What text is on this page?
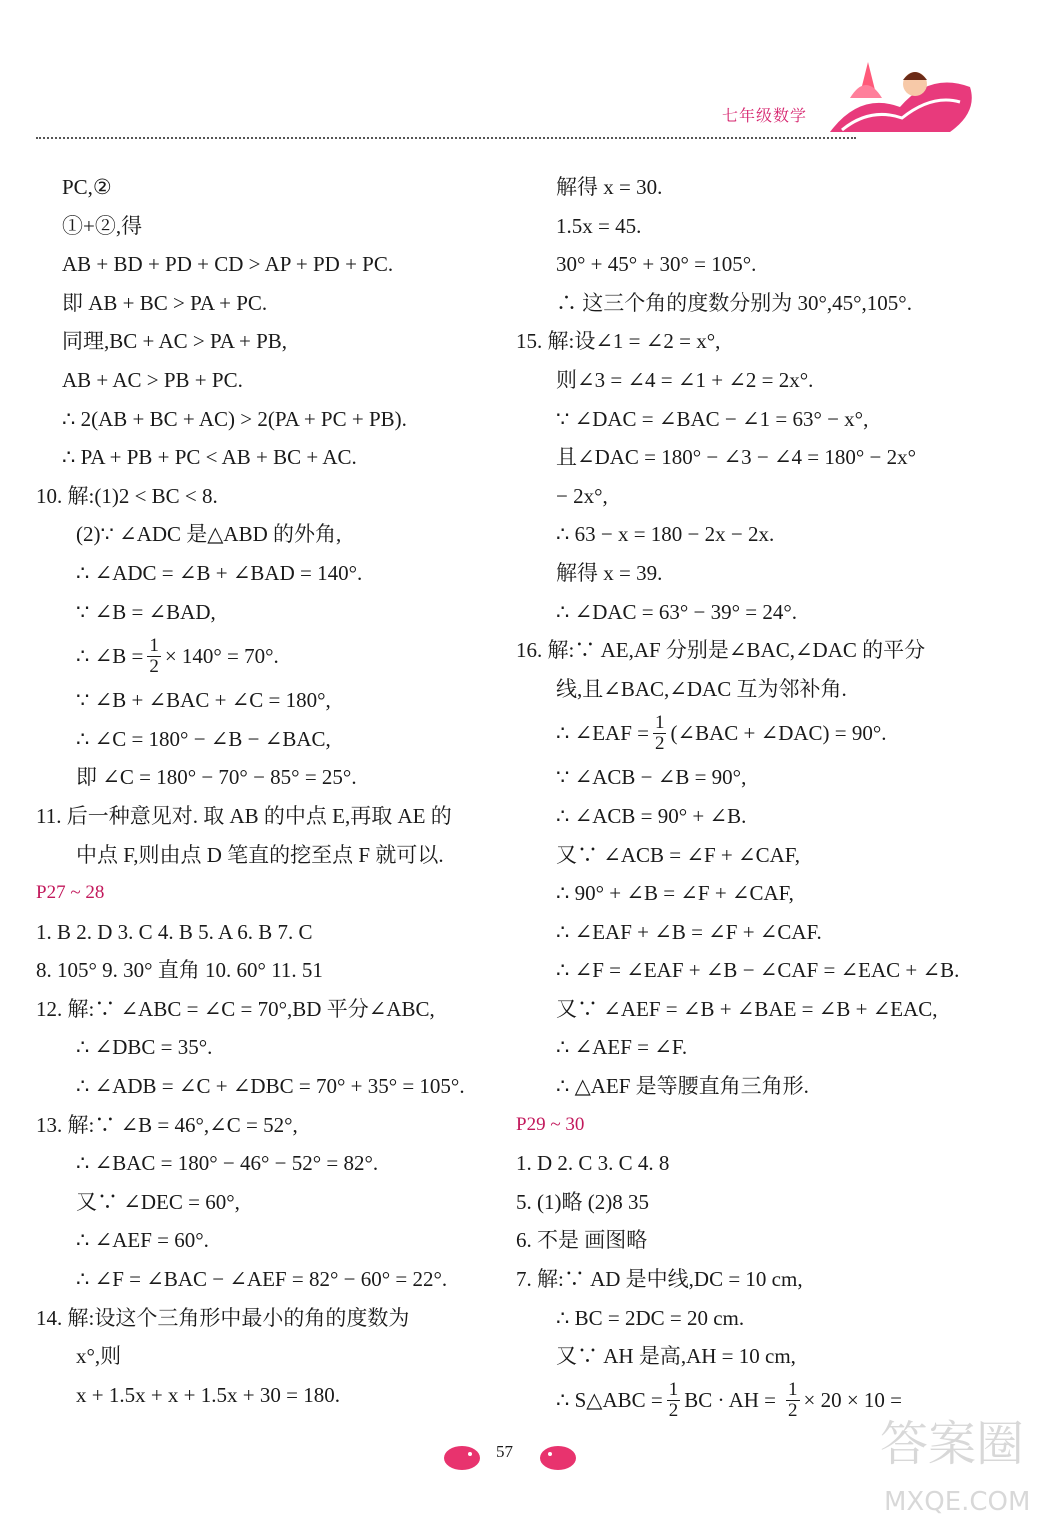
七年级数学
PC,②
①+②,得
AB + BD + PD + CD > AP + PD + PC.
即 AB + BC > PA + PC.
同理,BC + AC > PA + PB,
AB + AC > PB + PC.
∴ 2(AB + BC + AC) > 2(PA + PC + PB).
∴ PA + PB + PC < AB + BC + AC.
10. 解:(1)2 < BC < 8.
(2)∵ ∠ADC 是△ABD 的外角,
∴ ∠ADC = ∠B + ∠BAD = 140°.
∵ ∠B = ∠BAD,
∴ ∠B = $\frac{1}{2} \times 140^\circ = 70^\circ$.
∵ ∠B + ∠BAC + ∠C = 180°,
∴ ∠C = 180° − ∠B − ∠BAC,
即 ∠C = 180° − 70° − 85° = 25°.
11. 后一种意见对. 取 AB 的中点 E,再取 AE 的
中点 F,则由点 D 笔直的挖至点 F 就可以.
P27 ~ 28
1. B 2. D 3. C 4. B 5. A 6. B 7. C
8. 105° 9. 30° 直角 10. 60° 11. 51
12. 解:∵ ∠ABC = ∠C = 70°,BD 平分∠ABC,
∴ ∠DBC = 35°.
∴ ∠ADB = ∠C + ∠DBC = 70° + 35° = 105°.
13. 解:∵ ∠B = 46°,∠C = 52°,
∴ ∠BAC = 180° − 46° − 52° = 82°.
又∵ ∠DEC = 60°,
∴ ∠AEF = 60°.
∴ ∠F = ∠BAC − ∠AEF = 82° − 60° = 22°.
14. 解:设这个三角形中最小的角的度数为
x°,则
x + 1.5x + x + 1.5x + 30 = 180.
解得 x = 30.
1.5x = 45.
30° + 45° + 30° = 105°.
∴ 这三个角的度数分别为 30°,45°,105°.
15. 解:设∠1 = ∠2 = x°,
则∠3 = ∠4 = ∠1 + ∠2 = 2x°.
∵ ∠DAC = ∠BAC − ∠1 = 63° − x°,
且∠DAC = 180° − ∠3 − ∠4 = 180° − 2x°
− 2x°,
∴ 63 − x = 180 − 2x − 2x.
解得 x = 39.
∴ ∠DAC = 63° − 39° = 24°.
16. 解:∵ AE,AF 分别是∠BAC,∠DAC 的平分
线,且∠BAC,∠DAC 互为邻补角.
∴ ∠EAF = $\frac{1}{2}$ (∠BAC + ∠DAC) = 90°.
∵ ∠ACB − ∠B = 90°,
∴ ∠ACB = 90° + ∠B.
又∵ ∠ACB = ∠F + ∠CAF,
∴ 90° + ∠B = ∠F + ∠CAF,
∴ ∠EAF + ∠B = ∠F + ∠CAF.
∴ ∠F = ∠EAF + ∠B − ∠CAF = ∠EAC + ∠B.
又∵ ∠AEF = ∠B + ∠BAE = ∠B + ∠EAC,
∴ ∠AEF = ∠F.
∴ △AEF 是等腰直角三角形.
P29 ~ 30
1. D 2. C 3. C 4. 8
5. (1)略 (2)8 35
6. 不是 画图略
7. 解:∵ AD 是中线,DC = 10 cm,
∴ BC = 2DC = 20 cm.
又∵ AH 是高,AH = 10 cm,
∴ S△ABC = $\frac{1}{2}$ BC · AH = $\frac{1}{2} \times 20 \times 10$ =
57	答案圈
MXQE.COM
